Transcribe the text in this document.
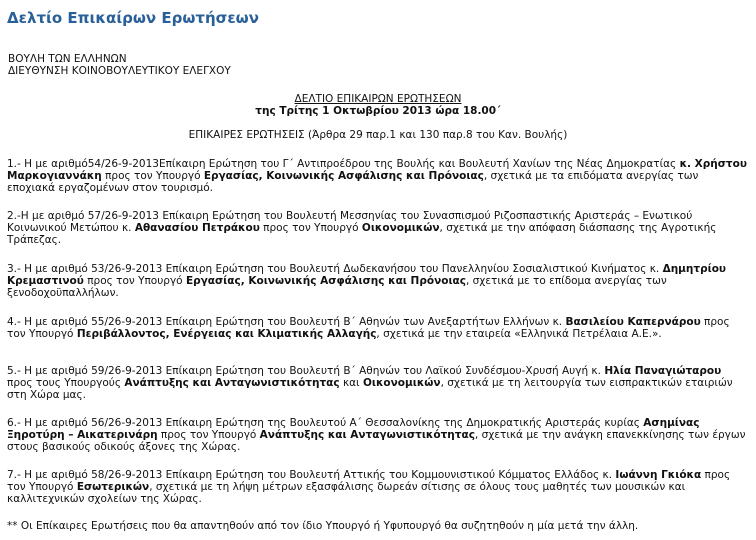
Δελτίο Επικαίρων Ερωτήσεων
ΒΟΥΛΗ ΤΩΝ ΕΛΛΗΝΩΝ
ΔΙΕΥΘΥΝΣΗ ΚΟΙΝΟΒΟΥΛΕΥΤΙΚΟΥ ΕΛΕΓΧΟΥ
ΔΕΛΤΙΟ ΕΠΙΚΑΙΡΩΝ ΕΡΩΤΗΣΕΩΝ
της Τρίτης 1 Οκτωβρίου 2013 ώρα 18.00΄
ΕΠΙΚΑΙΡΕΣ ΕΡΩΤΗΣΕΙΣ (Άρθρα 29 παρ.1 και 130 παρ.8 του Καν. Βουλής)
1.- Η με αριθμό54/26-9-2013Επίκαιρη Ερώτηση του Γ΄ Αντιπροέδρου της Βουλής και Βουλευτή Χανίων της Νέας Δημοκρατίας κ. Χρήστου Μαρκογιαννάκη προς τον Υπουργό Εργασίας, Κοινωνικής Ασφάλισης και Πρόνοιας, σχετικά με τα επιδόματα ανεργίας των εποχιακά εργαζομένων στον τουρισμό.
2.-Η με αριθμό 57/26-9-2013 Επίκαιρη Ερώτηση του Βουλευτή Μεσσηνίας του Συνασπισμού Ριζοσπαστικής Αριστεράς – Ενωτικού Κοινωνικού Μετώπου κ. Αθανασίου Πετράκου προς τον Υπουργό Οικονομικών, σχετικά με την απόφαση διάσπασης της Αγροτικής Τράπεζας.
3.- Η με αριθμό 53/26-9-2013 Επίκαιρη Ερώτηση του Βουλευτή Δωδεκανήσου του Πανελληνίου Σοσιαλιστικού Κινήματος κ. Δημητρίου Κρεμαστινού προς τον Υπουργό Εργασίας, Κοινωνικής Ασφάλισης και Πρόνοιας, σχετικά με το επίδομα ανεργίας των ξενοδοχοϋπαλλήλων.
4.- Η με αριθμό 55/26-9-2013 Επίκαιρη Ερώτηση του Βουλευτή Β΄ Αθηνών των Ανεξαρτήτων Ελλήνων κ. Βασιλείου Καπερνάρου προς τον Υπουργό Περιβάλλοντος, Ενέργειας και Κλιματικής Αλλαγής, σχετικά με την εταιρεία «Ελληνικά Πετρέλαια Α.Ε.».
5.- Η με αριθμό 59/26-9-2013 Επίκαιρη Ερώτηση του Βουλευτή Β΄ Αθηνών του Λαϊκού Συνδέσμου-Χρυσή Αυγή κ. Ηλία Παναγιώταρου προς τους Υπουργούς Ανάπτυξης και Ανταγωνιστικότητας και Οικονομικών, σχετικά με τη λειτουργία των εισπρακτικών εταιριών στη Χώρα μας.
6.- Η με αριθμό 56/26-9-2013 Επίκαιρη Ερώτηση της Βουλευτού Α΄ Θεσσαλονίκης της Δημοκρατικής Αριστεράς κυρίας Ασημίνας Ξηροτύρη – Αικατερινάρη προς τον Υπουργό Ανάπτυξης και Ανταγωνιστικότητας, σχετικά με την ανάγκη επανεκκίνησης των έργων στους βασικούς οδικούς άξονες της Χώρας.
7.- Η με αριθμό 58/26-9-2013 Επίκαιρη Ερώτηση του Βουλευτή Αττικής του Κομμουνιστικού Κόμματος Ελλάδος κ. Ιωάννη Γκιόκα προς τον Υπουργό Εσωτερικών, σχετικά με τη λήψη μέτρων εξασφάλισης δωρεάν σίτισης σε όλους τους μαθητές των μουσικών και καλλιτεχνικών σχολείων της Χώρας.
** Οι Επίκαιρες Ερωτήσεις που θα απαντηθούν από τον ίδιο Υπουργό ή Υφυπουργό θα συζητηθούν η μία μετά την άλλη.
